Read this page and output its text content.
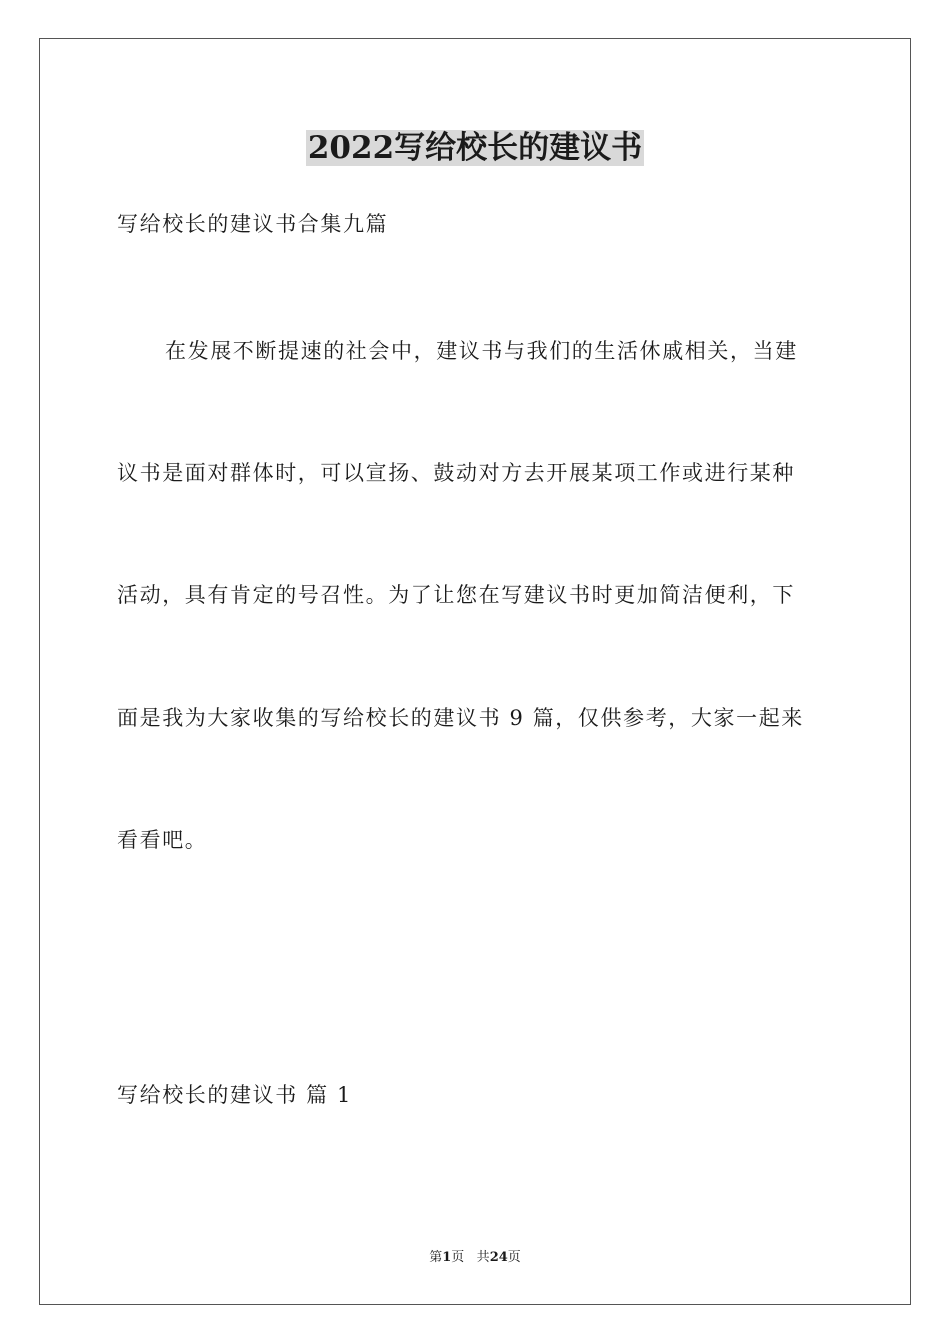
2022写给校长的建议书
写给校长的建议书合集九篇
在发展不断提速的社会中，建议书与我们的生活休戚相关，当建
议书是面对群体时，可以宣扬、鼓动对方去开展某项工作或进行某种
活动，具有肯定的号召性。为了让您在写建议书时更加简洁便利，下
面是我为大家收集的写给校长的建议书 9 篇，仅供参考，大家一起来
看看吧。
写给校长的建议书 篇 1
第1页 共24页
